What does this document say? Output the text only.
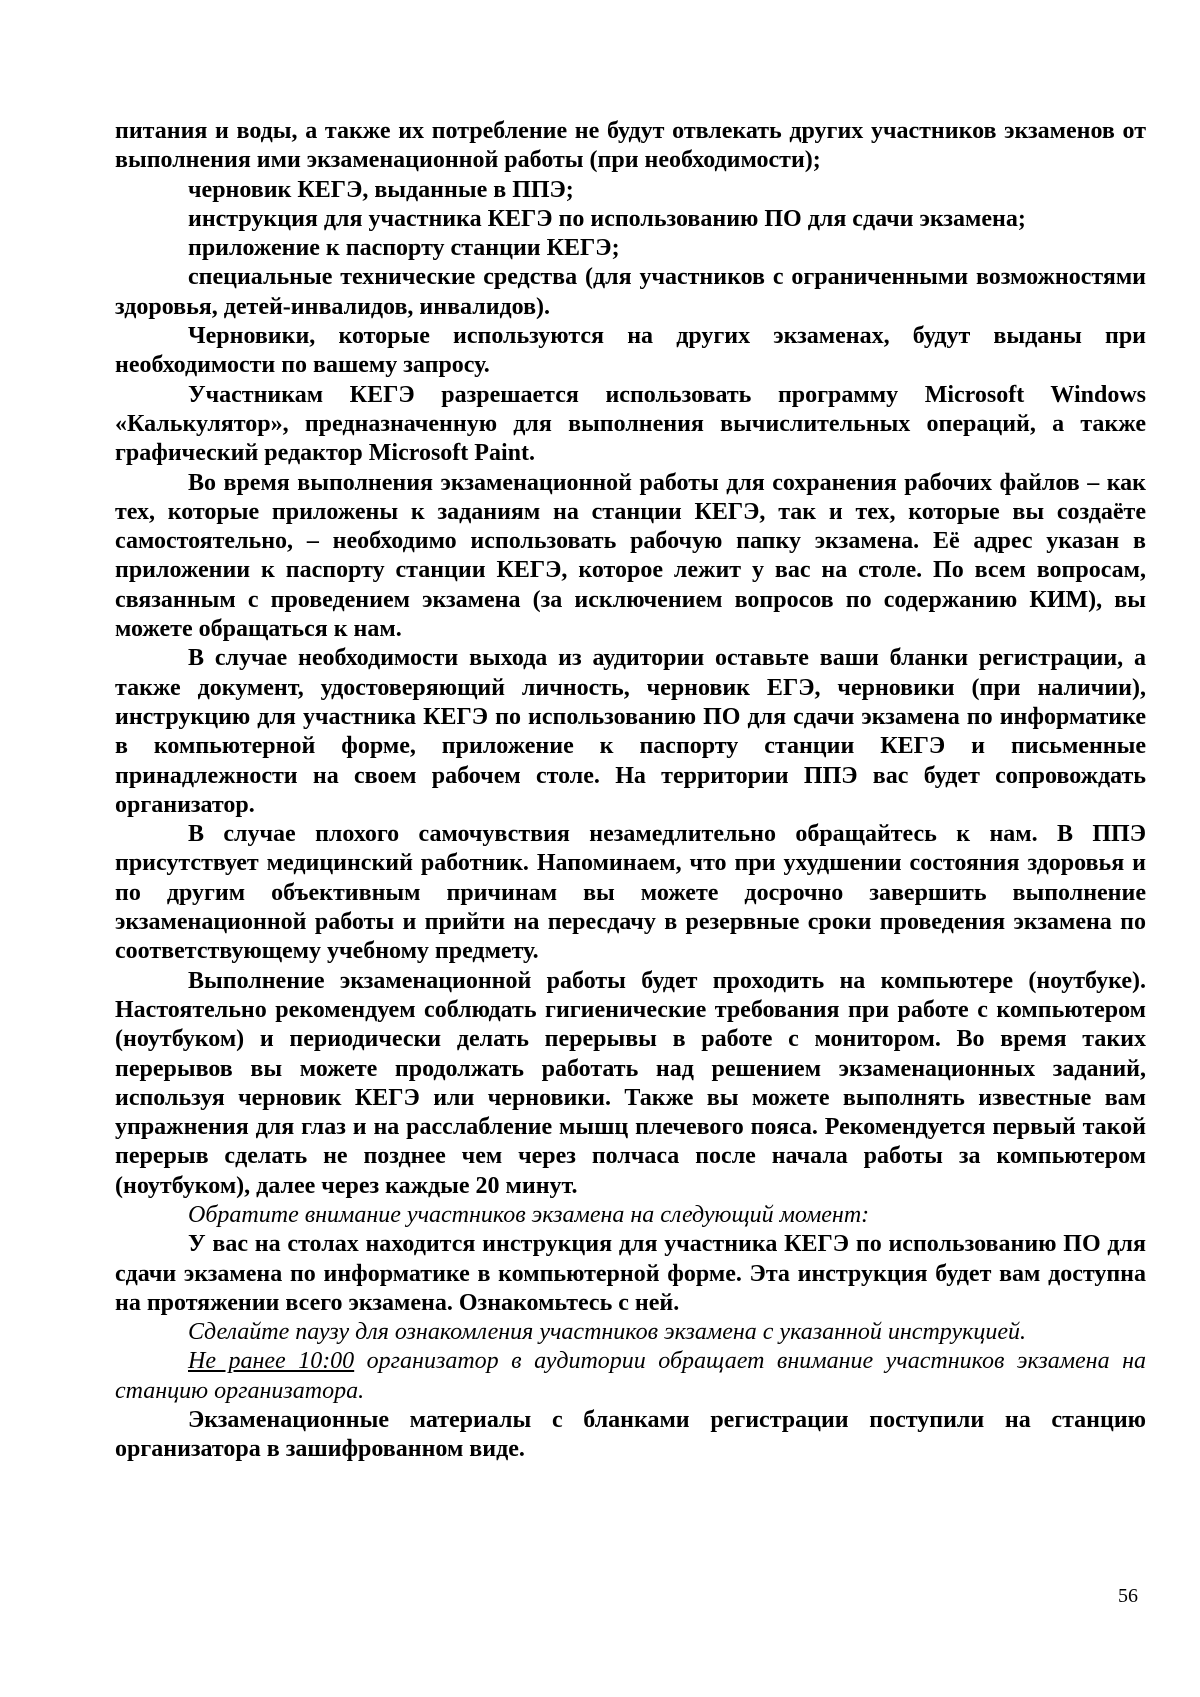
питания и воды, а также их потребление не будут отвлекать других участников экзаменов от выполнения ими экзаменационной работы (при необходимости);

черновик КЕГЭ, выданные в ППЭ;

инструкция для участника КЕГЭ по использованию ПО для сдачи экзамена;

приложение к паспорту станции КЕГЭ;

специальные технические средства (для участников с ограниченными возможностями здоровья, детей-инвалидов, инвалидов).

Черновики, которые используются на других экзаменах, будут выданы при необходимости по вашему запросу.

Участникам КЕГЭ разрешается использовать программу Microsoft Windows «Калькулятор», предназначенную для выполнения вычислительных операций, а также графический редактор Microsoft Paint.

Во время выполнения экзаменационной работы для сохранения рабочих файлов – как тех, которые приложены к заданиям на станции КЕГЭ, так и тех, которые вы создаёте самостоятельно, – необходимо использовать рабочую папку экзамена. Её адрес указан в приложении к паспорту станции КЕГЭ, которое лежит у вас на столе. По всем вопросам, связанным с проведением экзамена (за исключением вопросов по содержанию КИМ), вы можете обращаться к нам.

В случае необходимости выхода из аудитории оставьте ваши бланки регистрации, а также документ, удостоверяющий личность, черновик ЕГЭ, черновики (при наличии), инструкцию для участника КЕГЭ по использованию ПО для сдачи экзамена по информатике в компьютерной форме, приложение к паспорту станции КЕГЭ и письменные принадлежности на своем рабочем столе. На территории ППЭ вас будет сопровождать организатор.

В случае плохого самочувствия незамедлительно обращайтесь к нам. В ППЭ присутствует медицинский работник. Напоминаем, что при ухудшении состояния здоровья и по другим объективным причинам вы можете досрочно завершить выполнение экзаменационной работы и прийти на пересдачу в резервные сроки проведения экзамена по соответствующему учебному предмету.

Выполнение экзаменационной работы будет проходить на компьютере (ноутбуке). Настоятельно рекомендуем соблюдать гигиенические требования при работе с компьютером (ноутбуком) и периодически делать перерывы в работе с монитором. Во время таких перерывов вы можете продолжать работать над решением экзаменационных заданий, используя черновик КЕГЭ или черновики. Также вы можете выполнять известные вам упражнения для глаз и на расслабление мышц плечевого пояса. Рекомендуется первый такой перерыв сделать не позднее чем через полчаса после начала работы за компьютером (ноутбуком), далее через каждые 20 минут.

Обратите внимание участников экзамена на следующий момент:

У вас на столах находится инструкция для участника КЕГЭ по использованию ПО для сдачи экзамена по информатике в компьютерной форме. Эта инструкция будет вам доступна на протяжении всего экзамена. Ознакомьтесь с ней.

Сделайте паузу для ознакомления участников экзамена с указанной инструкцией.

Не ранее 10:00 организатор в аудитории обращает внимание участников экзамена на станцию организатора.

Экзаменационные материалы с бланками регистрации поступили на станцию организатора в зашифрованном виде.

56
